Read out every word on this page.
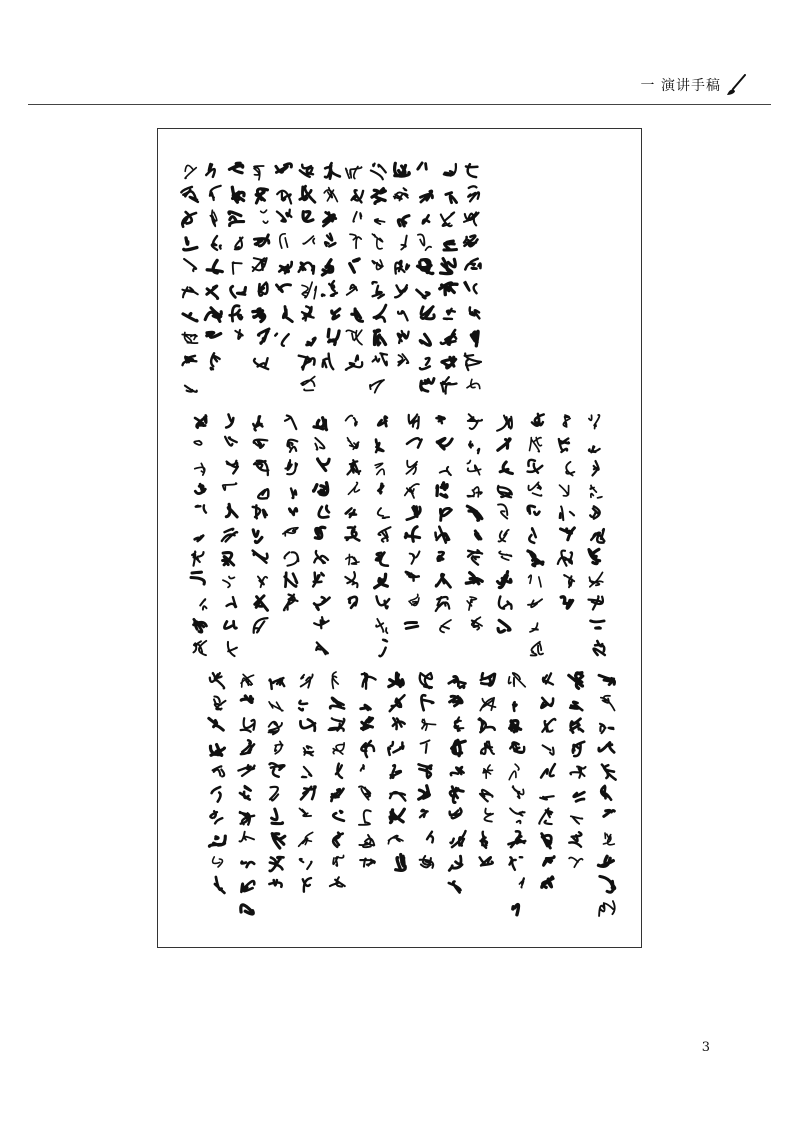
一 演讲手稿
3
